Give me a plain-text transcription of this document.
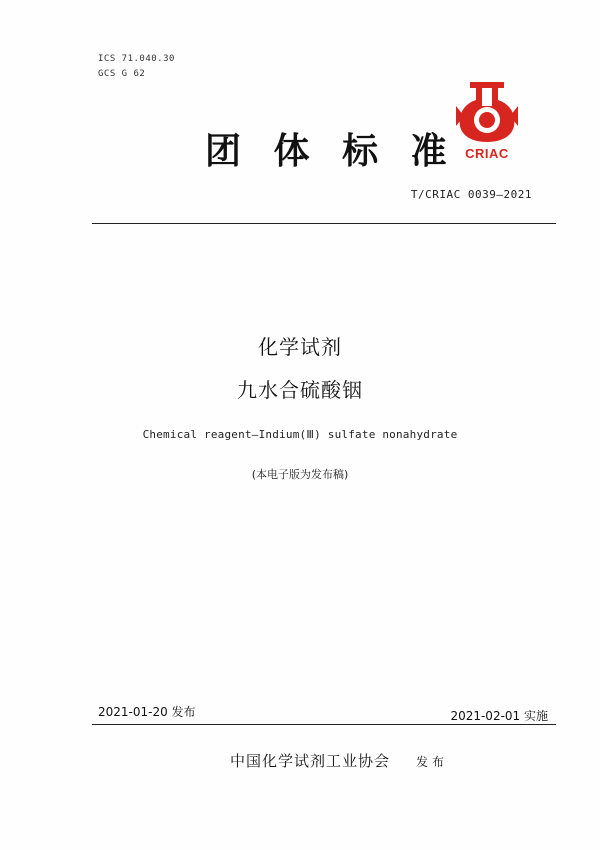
ICS 71.040.30
GCS G 62
团 体 标 准 CRIAC
T/CRIAC 0039—2021
化学试剂
九水合硫酸铟
Chemical reagent—Indium(Ⅲ) sulfate nonahydrate
(本电子版为发布稿)
2021-01-20 发布	2021-02-01 实施
中国化学试剂工业协会 发布
